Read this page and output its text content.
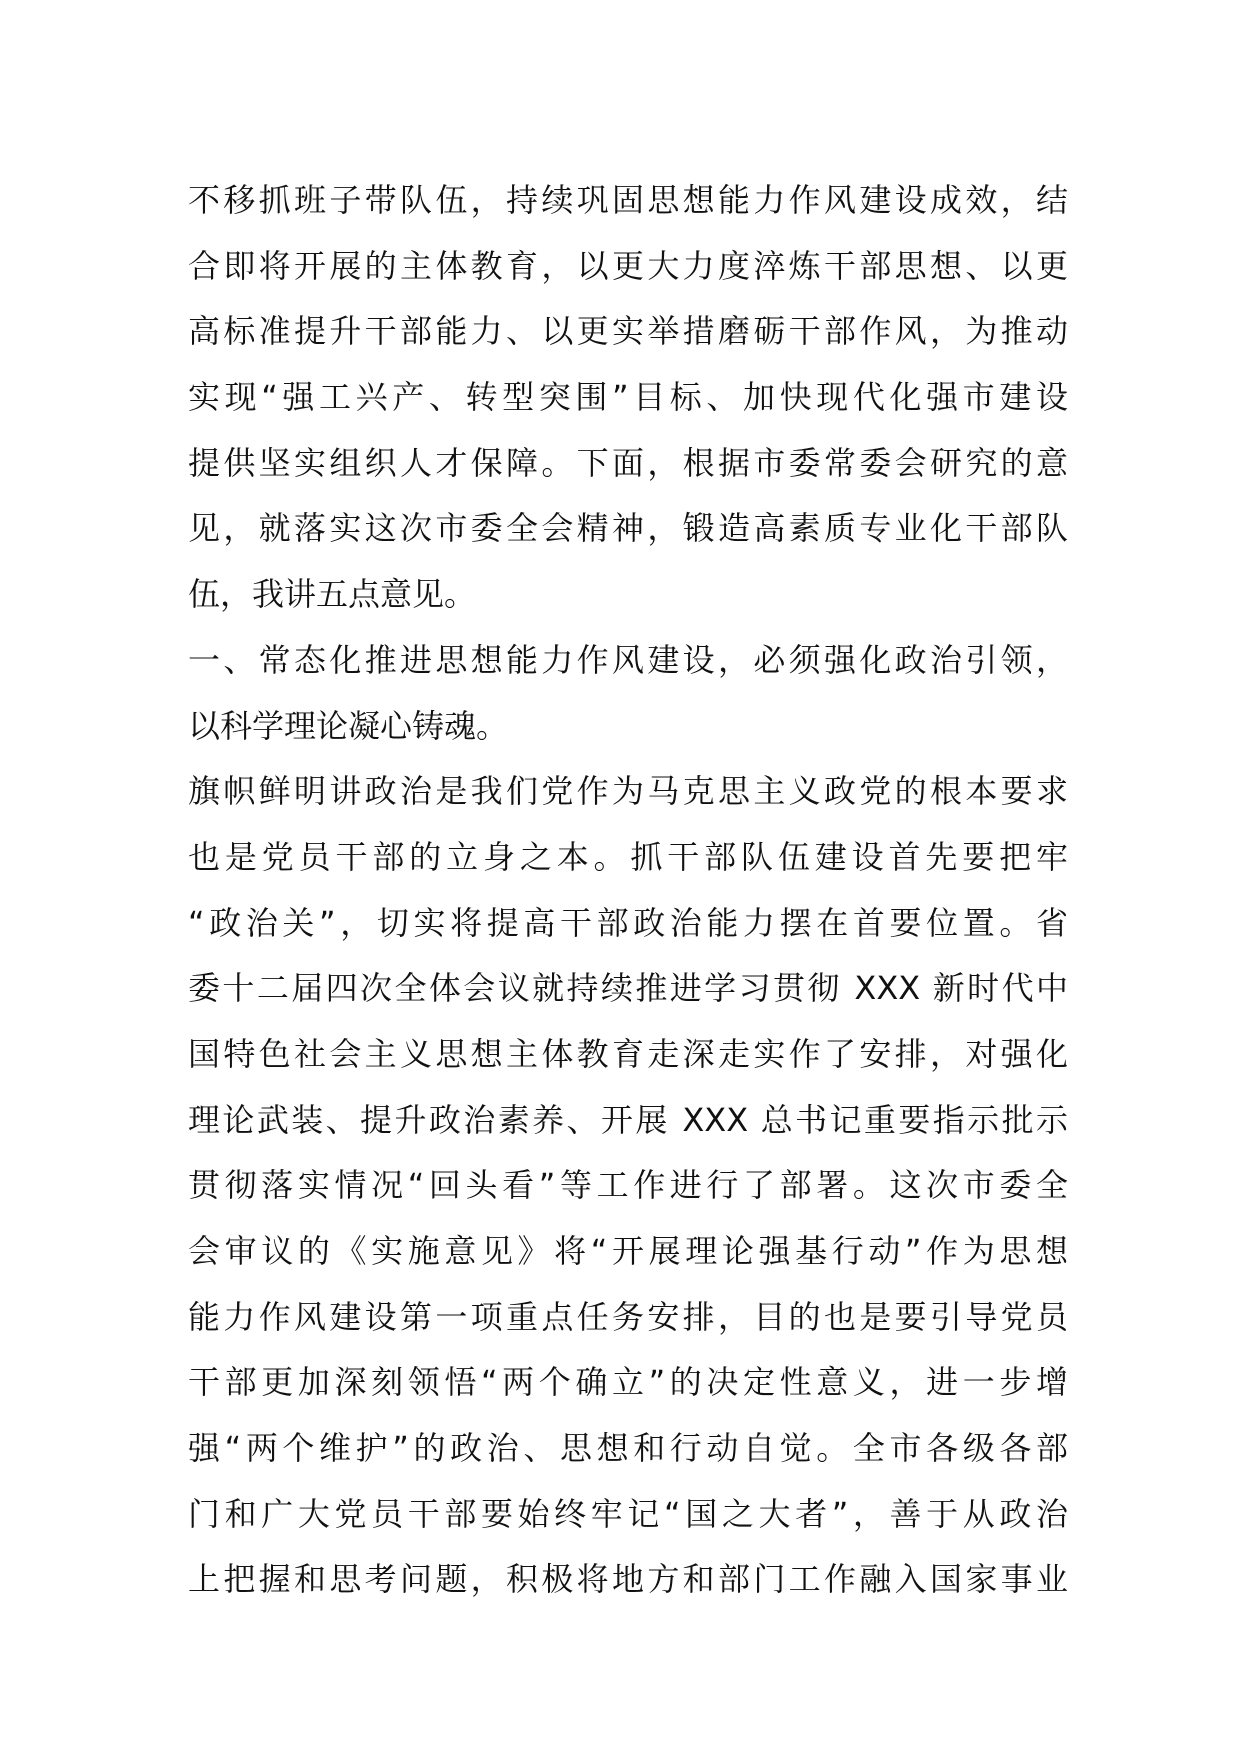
不移抓班子带队伍，持续巩固思想能力作风建设成效，结
合即将开展的主体教育，以更大力度淬炼干部思想、以更
高标准提升干部能力、以更实举措磨砺干部作风，为推动
实现“强工兴产、转型突围”目标、加快现代化强市建设
提供坚实组织人才保障。下面，根据市委常委会研究的意
见，就落实这次市委全会精神，锻造高素质专业化干部队
伍，我讲五点意见。
一、常态化推进思想能力作风建设，必须强化政治引领，
以科学理论凝心铸魂。
旗帜鲜明讲政治是我们党作为马克思主义政党的根本要求
也是党员干部的立身之本。抓干部队伍建设首先要把牢
“政治关”，切实将提高干部政治能力摆在首要位置。省
委十二届四次全体会议就持续推进学习贯彻 XXX 新时代中
国特色社会主义思想主体教育走深走实作了安排，对强化
理论武装、提升政治素养、开展 XXX 总书记重要指示批示
贯彻落实情况“回头看”等工作进行了部署。这次市委全
会审议的《实施意见》将“开展理论强基行动”作为思想
能力作风建设第一项重点任务安排，目的也是要引导党员
干部更加深刻领悟“两个确立”的决定性意义，进一步增
强“两个维护”的政治、思想和行动自觉。全市各级各部
门和广大党员干部要始终牢记“国之大者”，善于从政治
上把握和思考问题，积极将地方和部门工作融入国家事业
